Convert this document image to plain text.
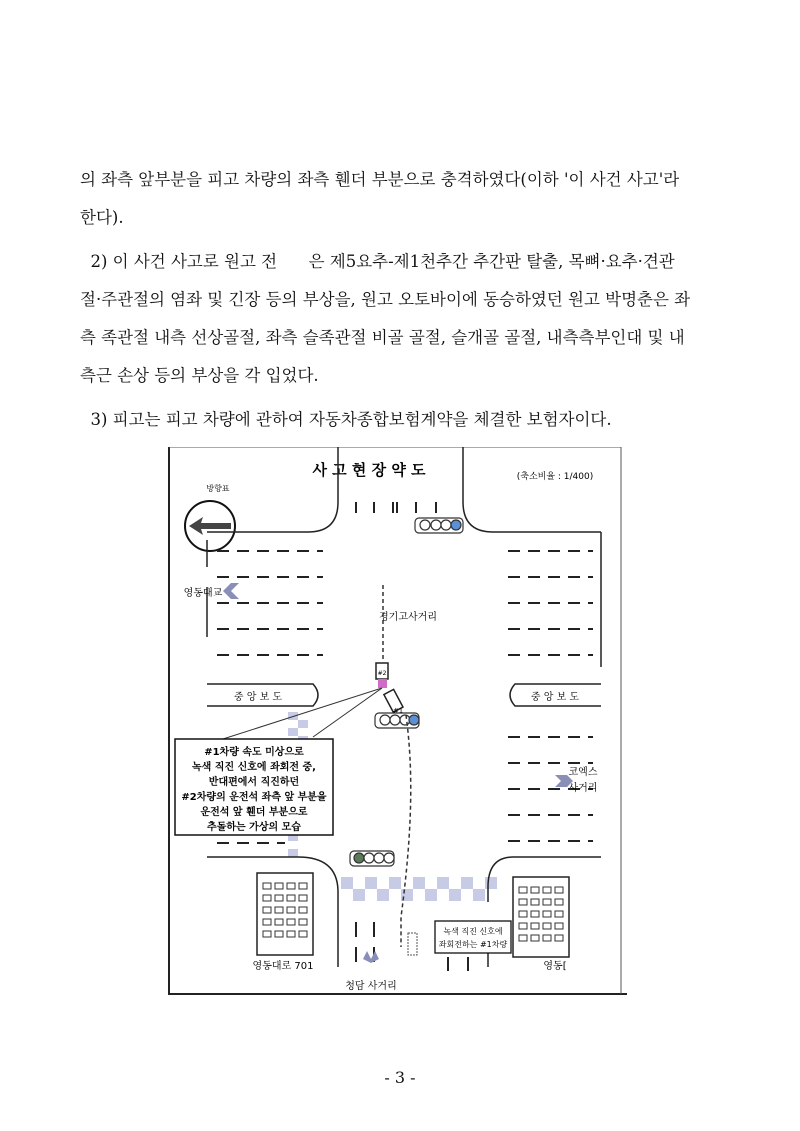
의 좌측 앞부분을 피고 차량의 좌측 휀더 부분으로 충격하였다(이하 '이 사건 사고'라
한다).
2) 이 사건 사고로 원고 전      은 제5요추-제1천추간 추간판 탈출, 목뼈·요추·견관
절·주관절의 염좌 및 긴장 등의 부상을, 원고 오토바이에 동승하였던 원고 박명춘은 좌
측 족관절 내측 선상골절, 좌측 슬족관절 비골 골절, 슬개골 골절, 내측측부인대 및 내
측근 손상 등의 부상을 각 입었다.
3) 피고는 피고 차량에 관하여 자동차종합보험계약을 체결한 보험자이다.
사 고 현 장 약 도	(축소비율 : 1/400)
방향표
영동대교
경기고사거리
중 앙 보 도	중 앙 보 도
코엑스
사거리
#2
#1
#1차량 속도 미상으로
녹색 직진 신호에 좌회전 중,
반대편에서 직진하던
#2차량의 운전석 좌측 앞 부분을
운전석 앞 휀더 부분으로
추돌하는 가상의 모습
영동대로 701	영동[
녹색 직진 신호에
좌회전하는 #1차량
청담 사거리
- 3 -
